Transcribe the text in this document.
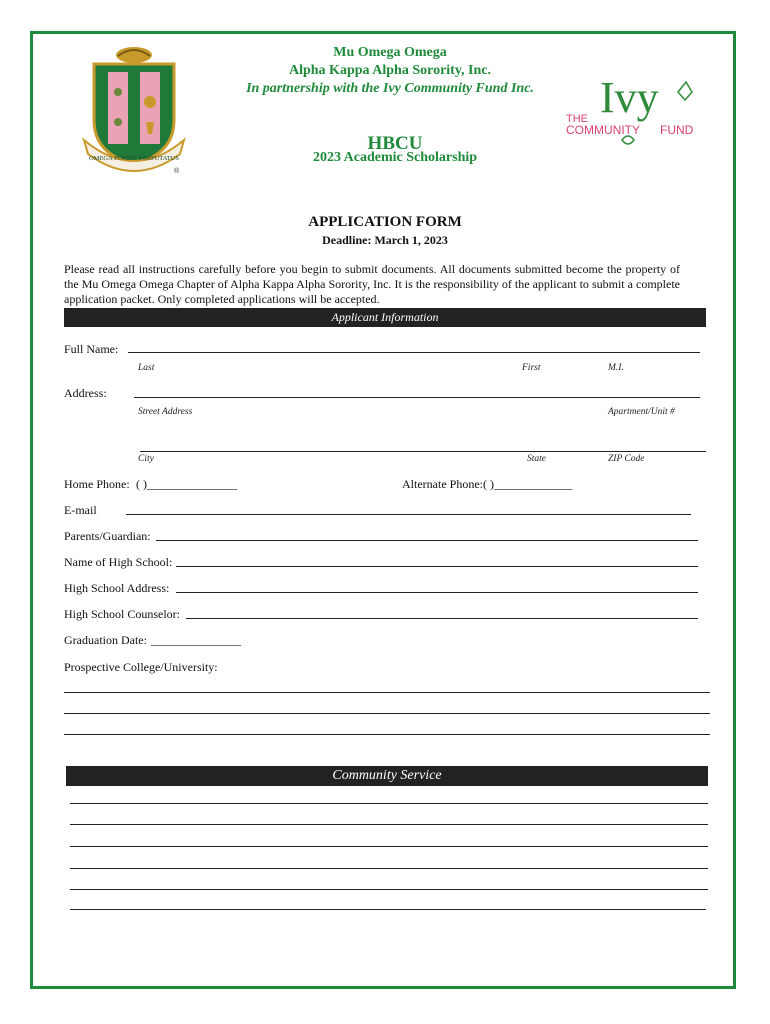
OMEGA POMEN VIMPUTATUS
®
Ivy
THE
COMMUNITY FUND
Mu Omega Omega
Alpha Kappa Alpha Sorority, Inc.
In partnership with the Ivy Community Fund Inc.
HBCU
2023 Academic Scholarship
APPLICATION FORM
Deadline: March 1, 2023
Please read all instructions carefully before you begin to submit documents. All documents submitted become the property of the Mu Omega Omega Chapter of Alpha Kappa Alpha Sorority, Inc. It is the responsibility of the applicant to submit a complete application packet. Only completed applications will be accepted.
Applicant Information
Full Name:
Last	First	M.I.
Address:
Street Address	Apartment/Unit #
City	State	ZIP Code
Home Phone: ( )_______________	Alternate Phone: ( )_____________
E-mail
Parents/Guardian:
Name of High School:
High School Address:
High School Counselor:
Graduation Date: _______________
Prospective College/University:
Community Service
